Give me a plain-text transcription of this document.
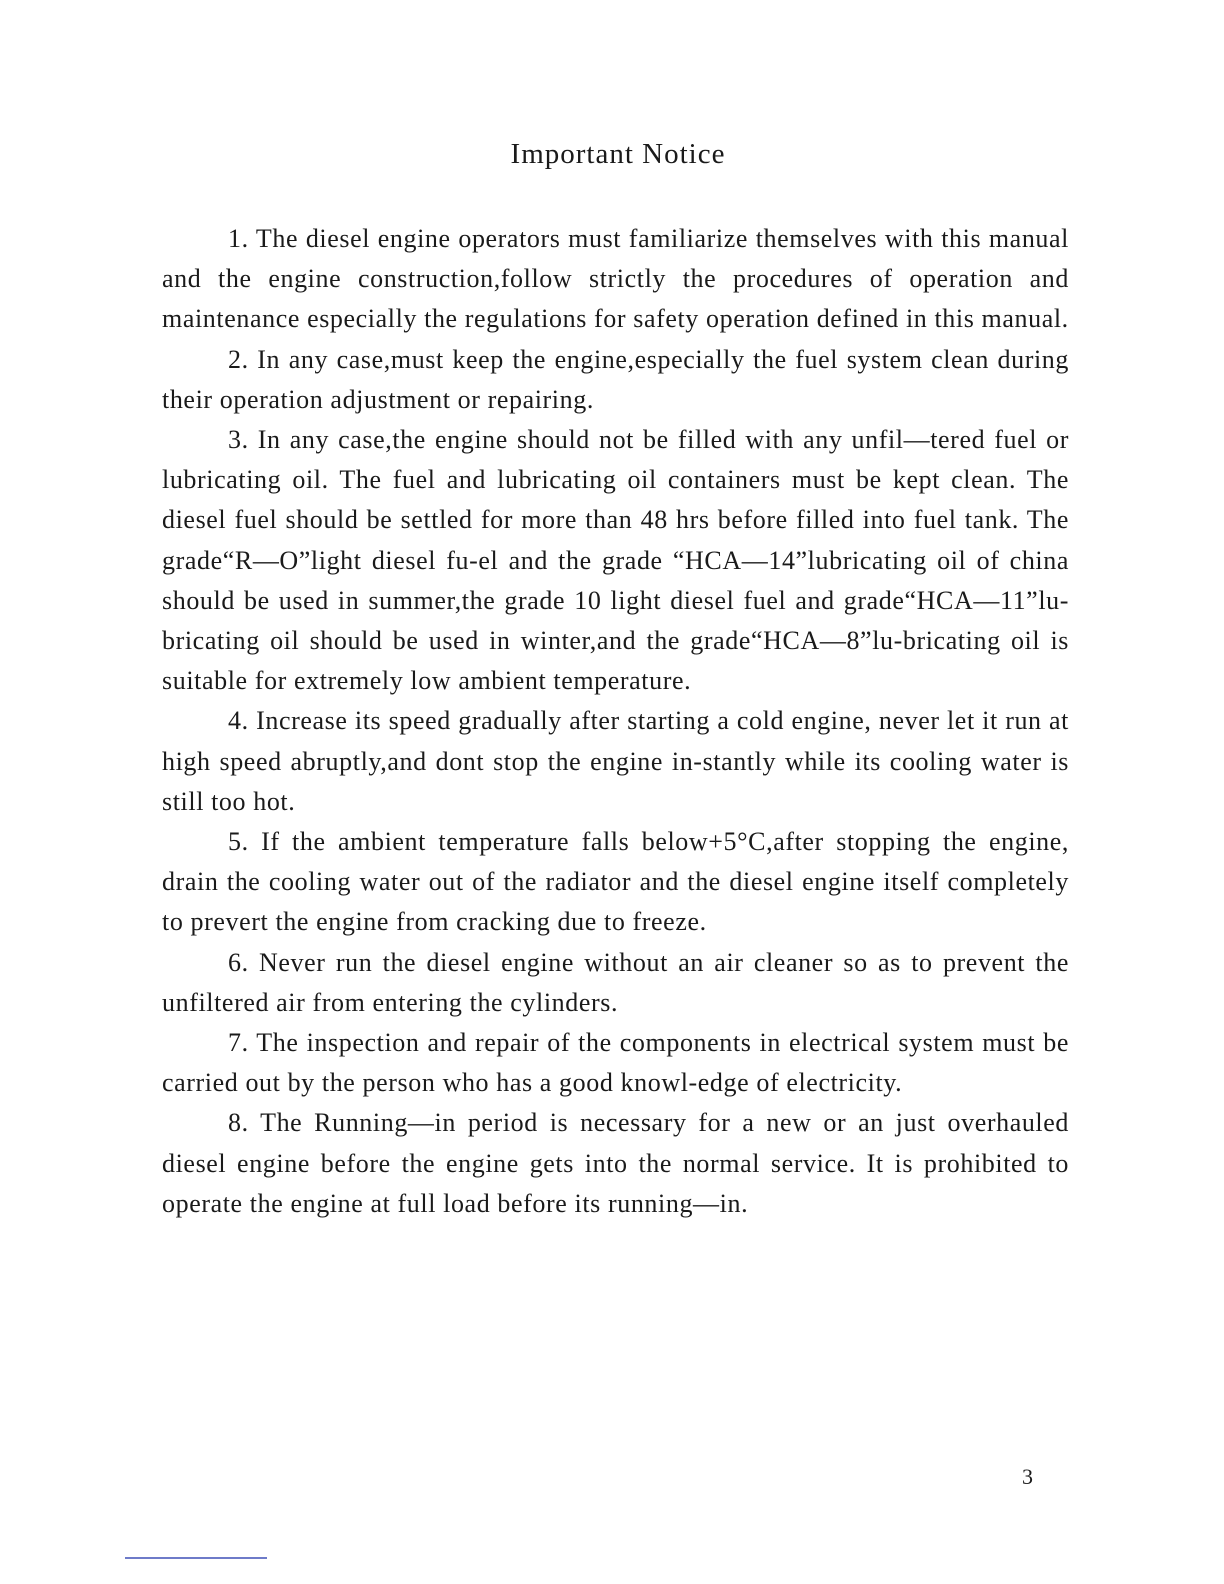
Important Notice

1. The diesel engine operators must familiarize themselves with this manual and the engine construction,follow strictly the procedures of operation and maintenance especially the regulations for safety operation defined in this manual.

2. In any case,must keep the engine,especially the fuel system clean during their operation adjustment or repairing.

3. In any case,the engine should not be filled with any unfil—tered fuel or lubricating oil. The fuel and lubricating oil containers must be kept clean. The diesel fuel should be settled for more than 48 hrs before filled into fuel tank. The grade“R—O”light diesel fu-el and the grade “HCA—14”lubricating oil of china should be used in summer,the grade 10 light diesel fuel and grade“HCA—11”lu-bricating oil should be used in winter,and the grade“HCA—8”lu-bricating oil is suitable for extremely low ambient temperature.

4. Increase its speed gradually after starting a cold engine, never let it run at high speed abruptly,and dont stop the engine in-stantly while its cooling water is still too hot.

5. If the ambient temperature falls below+5°C,after stopping the engine, drain the cooling water out of the radiator and the diesel engine itself completely to prevert the engine from cracking due to freeze.

6. Never run the diesel engine without an air cleaner so as to prevent the unfiltered air from entering the cylinders.

7. The inspection and repair of the components in electrical system must be carried out by the person who has a good knowl-edge of electricity.

8. The Running—in period is necessary for a new or an just overhauled diesel engine before the engine gets into the normal service. It is prohibited to operate the engine at full load before its running—in.

3
